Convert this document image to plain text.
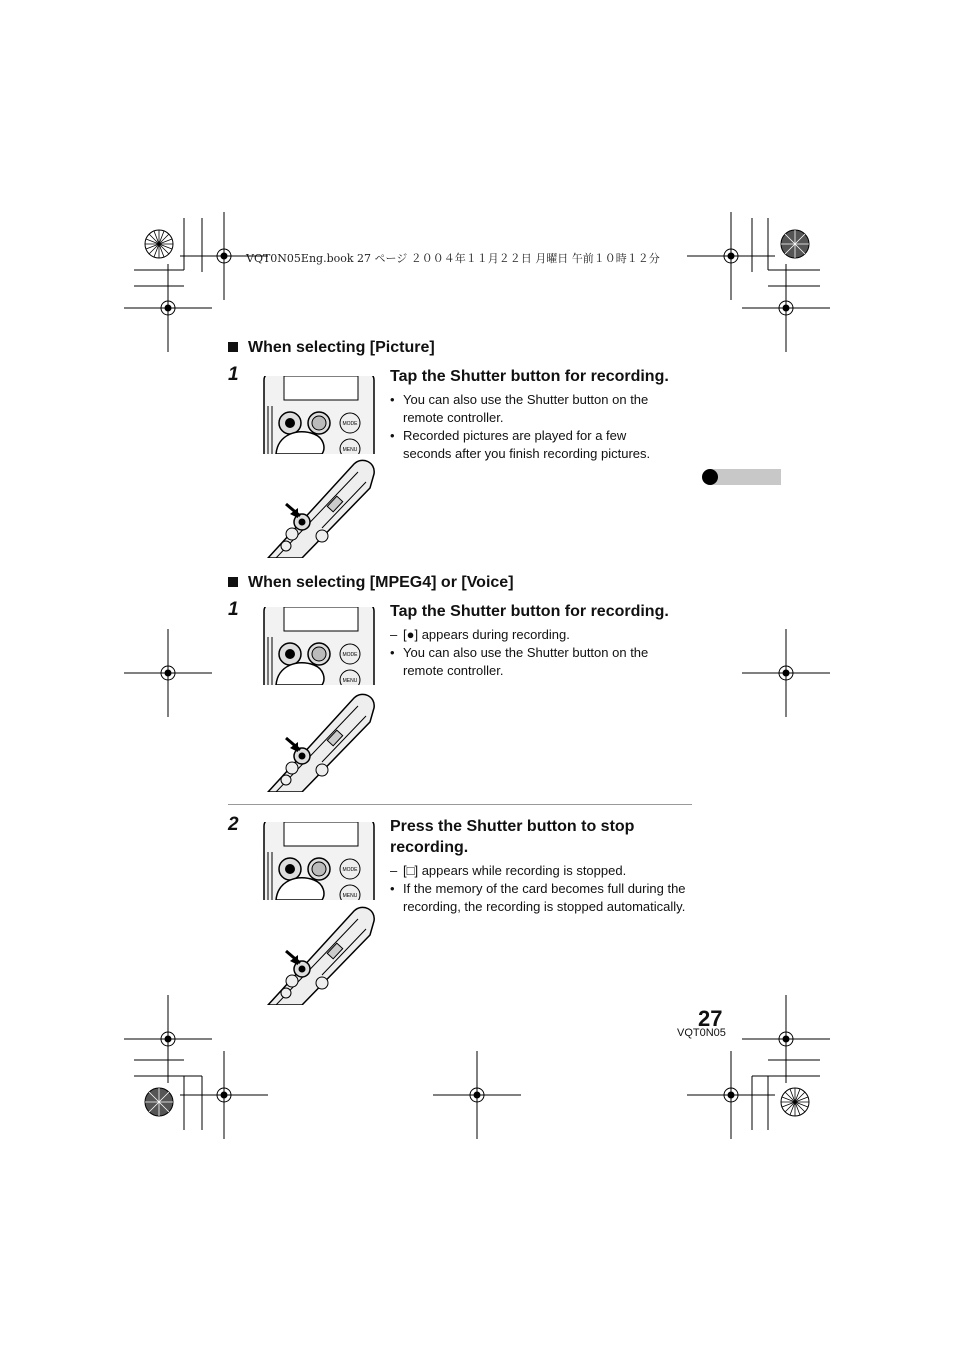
VQT0N05Eng.book 27 ページ ２００４年１１月２２日 月曜日 午前１０時１２分
When selecting [Picture]
1	Tap the Shutter button for recording.
• You can also use the Shutter button on the remote controller.
• Recorded pictures are played for a few seconds after you finish recording pictures.
When selecting [MPEG4] or [Voice]
1	Tap the Shutter button for recording.
– [●] appears during recording.
• You can also use the Shutter button on the remote controller.
2	Press the Shutter button to stop recording.
– [□] appears while recording is stopped.
• If the memory of the card becomes full during the recording, the recording is stopped automatically.
MODE
MENU
MODE
MENU
MODE
MENU
27
VQT0N05
